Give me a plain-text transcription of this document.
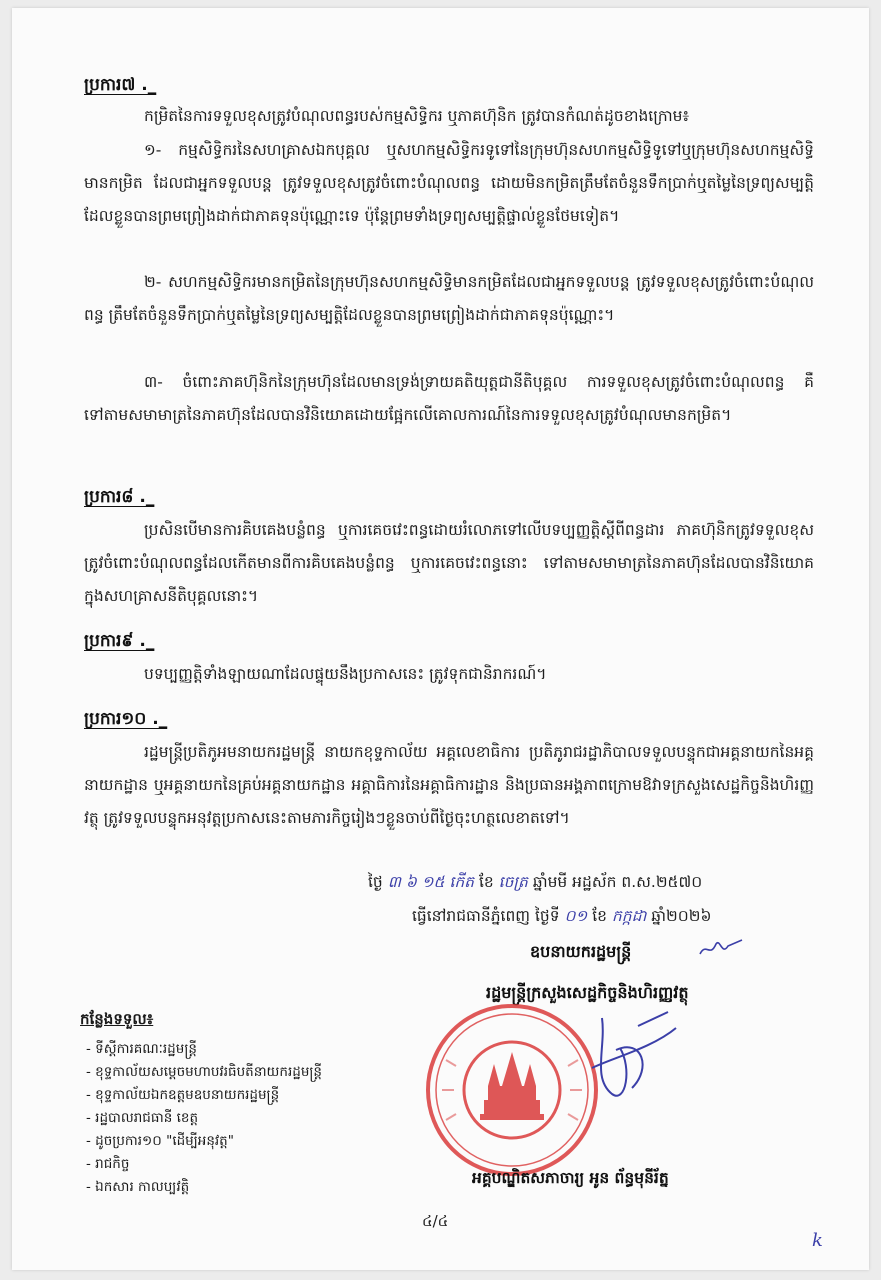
ប្រការ៧ ._
កម្រិតនៃការទទួលខុសត្រូវបំណុលពន្ធរបស់កម្មសិទ្ធិករ ឬភាគហ៊ុនិក ត្រូវបានកំណត់ដូចខាងក្រោម៖
១- កម្មសិទ្ធិករនៃសហគ្រាសឯកបុគ្គល ឬសហកម្មសិទ្ធិករទូទៅនៃក្រុមហ៊ុនសហកម្មសិទ្ធិទូទៅឬក្រុមហ៊ុនសហកម្មសិទ្ធិមានកម្រិត ដែលជាអ្នកទទួលបន្ត ត្រូវទទួលខុសត្រូវចំពោះបំណុលពន្ធ ដោយមិនកម្រិតត្រឹមតែចំនួនទឹកប្រាក់ឬតម្លៃនៃទ្រព្យសម្បត្តិដែលខ្លួនបានព្រមព្រៀងដាក់ជាភាគទុនប៉ុណ្ណោះទេ ប៉ុន្តែព្រមទាំងទ្រព្យសម្បត្តិផ្ទាល់ខ្លួនថែមទៀត។
២- សហកម្មសិទ្ធិករមានកម្រិតនៃក្រុមហ៊ុនសហកម្មសិទ្ធិមានកម្រិតដែលជាអ្នកទទួលបន្ត ត្រូវទទួលខុសត្រូវចំពោះបំណុលពន្ធ ត្រឹមតែចំនួនទឹកប្រាក់ឬតម្លៃនៃទ្រព្យសម្បត្តិដែលខ្លួនបានព្រមព្រៀងដាក់ជាភាគទុនប៉ុណ្ណោះ។
៣- ចំពោះភាគហ៊ុនិកនៃក្រុមហ៊ុនដែលមានទ្រង់ទ្រាយគតិយុត្តជានីតិបុគ្គល ការទទួលខុសត្រូវចំពោះបំណុលពន្ធ គឺទៅតាមសមាមាត្រនៃភាគហ៊ុនដែលបានវិនិយោគដោយផ្អែកលើគោលការណ៍នៃការទទួលខុសត្រូវបំណុលមានកម្រិត។
ប្រការ៨ ._
ប្រសិនបើមានការគិបគេងបន្លំពន្ធ ឬការគេចវេះពន្ធដោយរំលោភទៅលើបទប្បញ្ញត្តិស្តីពីពន្ធដារ ភាគហ៊ុនិកត្រូវទទួលខុសត្រូវចំពោះបំណុលពន្ធដែលកើតមានពីការគិបគេងបន្លំពន្ធ ឬការគេចវេះពន្ធនោះ ទៅតាមសមាមាត្រនៃភាគហ៊ុនដែលបានវិនិយោគក្នុងសហគ្រាសនីតិបុគ្គលនោះ។
ប្រការ៩ ._
បទប្បញ្ញត្តិទាំងឡាយណាដែលផ្ទុយនឹងប្រកាសនេះ ត្រូវទុកជានិរាករណ៍។
ប្រការ១០ ._
រដ្ឋមន្ត្រីប្រតិភូអមនាយករដ្ឋមន្ត្រី នាយកខុទ្ទកាល័យ អគ្គលេខាធិការ ប្រតិភូរាជរដ្ឋាភិបាលទទួលបន្ទុកជាអគ្គនាយកនៃអគ្គនាយកដ្ឋាន ឬអគ្គនាយកនៃគ្រប់អគ្គនាយកដ្ឋាន អគ្គាធិការនៃអគ្គាធិការដ្ឋាន និងប្រធានអង្គភាពក្រោមឱវាទក្រសួងសេដ្ឋកិច្ចនិងហិរញ្ញវត្ថុ ត្រូវទទួលបន្ទុកអនុវត្តប្រកាសនេះតាមភារកិច្ចរៀងៗខ្លួនចាប់ពីថ្ងៃចុះហត្ថលេខាតទៅ។
ថ្ងៃ ៣ ៦ ១៥ កើត ខែ ចេត្រ ឆ្នាំមមី អដ្ឋស័ក ព.ស.២៥៧០
ធ្វើនៅរាជធានីភ្នំពេញ ថ្ងៃទី ០១ ខែ កក្កដា ឆ្នាំ២០២៦
ឧបនាយករដ្ឋមន្ត្រី
រដ្ឋមន្ត្រីក្រសួងសេដ្ឋកិច្ចនិងហិរញ្ញវត្ថុ
អគ្គបណ្ឌិតសភាចារ្យ អូន ព័ន្ធមុនីរ័ត្ន
កន្លែងទទួល៖
- ទីស្តីការគណៈរដ្ឋមន្ត្រី
- ខុទ្ទកាល័យសម្តេចមហាបវរធិបតីនាយករដ្ឋមន្ត្រី
- ខុទ្ទកាល័យឯកឧត្តមឧបនាយករដ្ឋមន្ត្រី
- រដ្ឋបាលរាជធានី ខេត្ត
- ដូចប្រការ១០ "ដើម្បីអនុវត្ត"
- រាជកិច្ច
- ឯកសារ កាលប្បវត្តិ
៤/៤
k
